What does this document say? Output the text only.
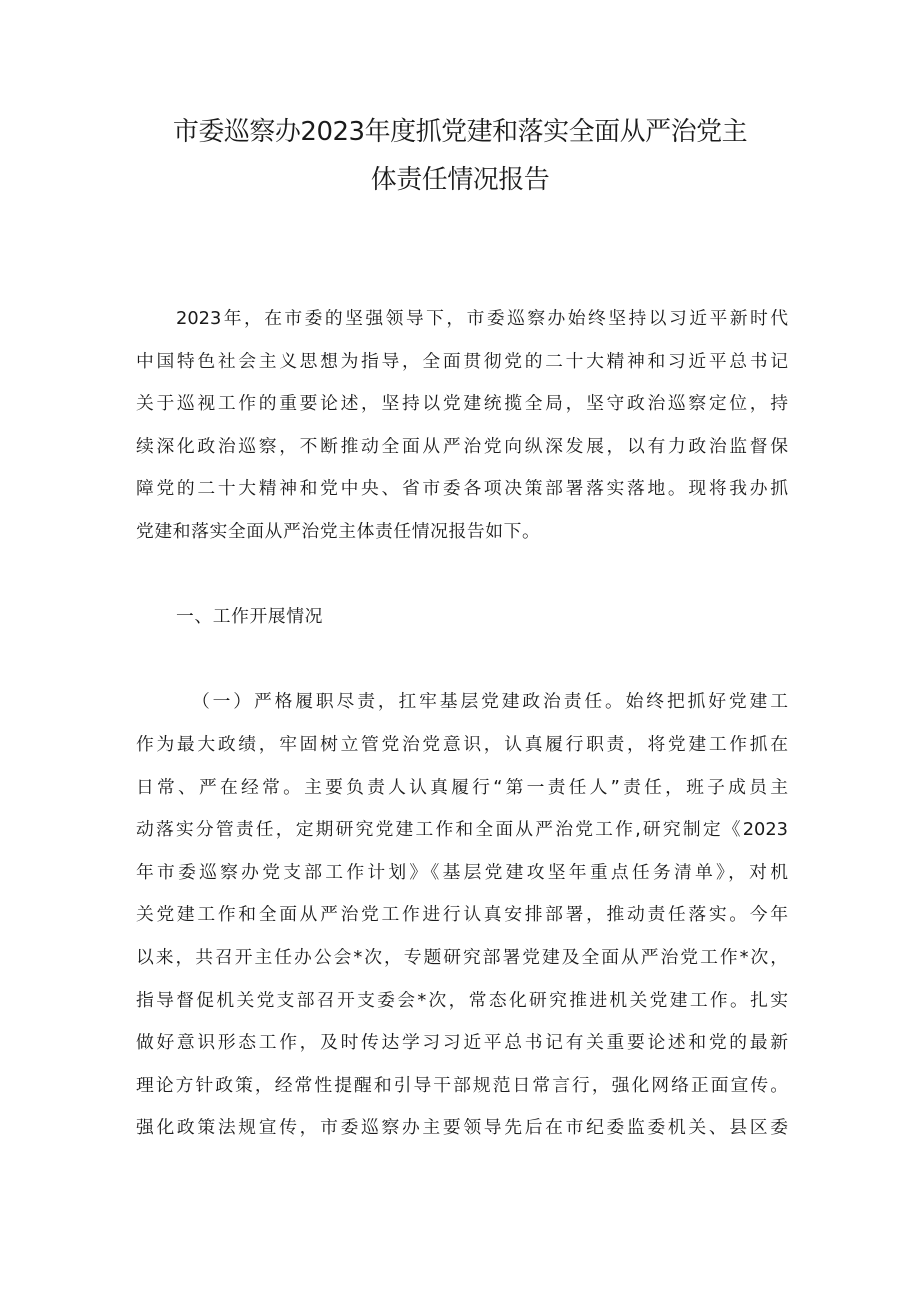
市委巡察办2023年度抓党建和落实全面从严治党主
体责任情况报告
2023年，在市委的坚强领导下，市委巡察办始终坚持以习近平新时代
中国特色社会主义思想为指导，全面贯彻党的二十大精神和习近平总书记
关于巡视工作的重要论述，坚持以党建统揽全局，坚守政治巡察定位，持
续深化政治巡察，不断推动全面从严治党向纵深发展，以有力政治监督保
障党的二十大精神和党中央、省市委各项决策部署落实落地。现将我办抓
党建和落实全面从严治党主体责任情况报告如下。
一、工作开展情况
（一）严格履职尽责，扛牢基层党建政治责任。始终把抓好党建工
作为最大政绩，牢固树立管党治党意识，认真履行职责，将党建工作抓在
日常、严在经常。主要负责人认真履行“第一责任人”责任，班子成员主
动落实分管责任，定期研究党建工作和全面从严治党工作,研究制定《2023
年市委巡察办党支部工作计划》《基层党建攻坚年重点任务清单》，对机
关党建工作和全面从严治党工作进行认真安排部署，推动责任落实。今年
以来，共召开主任办公会*次，专题研究部署党建及全面从严治党工作*次，
指导督促机关党支部召开支委会*次，常态化研究推进机关党建工作。扎实
做好意识形态工作，及时传达学习习近平总书记有关重要论述和党的最新
理论方针政策，经常性提醒和引导干部规范日常言行，强化网络正面宣传。
强化政策法规宣传，市委巡察办主要领导先后在市纪委监委机关、县区委
